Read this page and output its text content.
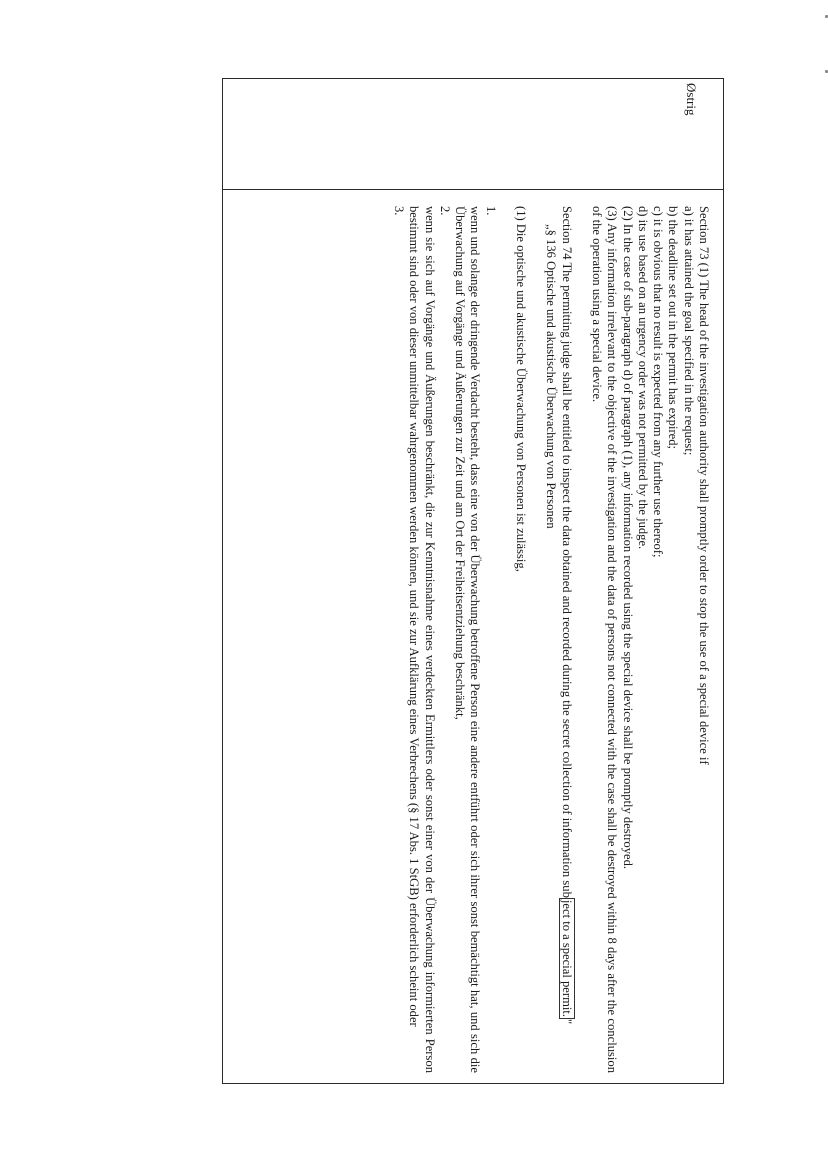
Østrig

Section 73 (1) The head of the investigation authority shall promptly order to stop the use of a special device if

a) it has attained the goal specified in the request;

b) the deadline set out in the permit has expired;

c) it is obvious that no result is expected from any further use thereof;

d) its use based on an urgency order was not permitted by the judge.

(2) In the case of sub-paragraph d) of paragraph (1), any information recorded using the special device shall be promptly destroyed.

(3) Any information irrelevant to the objective of the investigation and the data of persons not connected with the case shall be destroyed within 8 days after the conclusion of the operation using a special device.

Section 74 The permitting judge shall be entitled to inspect the data obtained and recorded during the secret collection of information subject to a special permit."

„§ 136 Optische und akustische Überwachung von Personen

(1) Die optische und akustische Überwachung von Personen ist zulässig,

1.

wenn und solange der dringende Verdacht besteht, dass eine von der Überwachung betroffene Person eine andere entführt oder sich ihrer sonst bemächtigt hat, und sich die Überwachung auf Vorgänge und Äußerungen zur Zeit und am Ort der Freiheitsentziehung beschränkt,

2.

wenn sie sich auf Vorgänge und Äußerungen beschränkt, die zur Kenntnisnahme eines verdeckten Ermittlers oder sonst einer von der Überwachung informierten Person bestimmt sind oder von dieser unmittelbar wahrgenommen werden können, und sie zur Aufklärung eines Verbrechens (§ 17 Abs. 1 StGB) erforderlich scheint oder

3.
